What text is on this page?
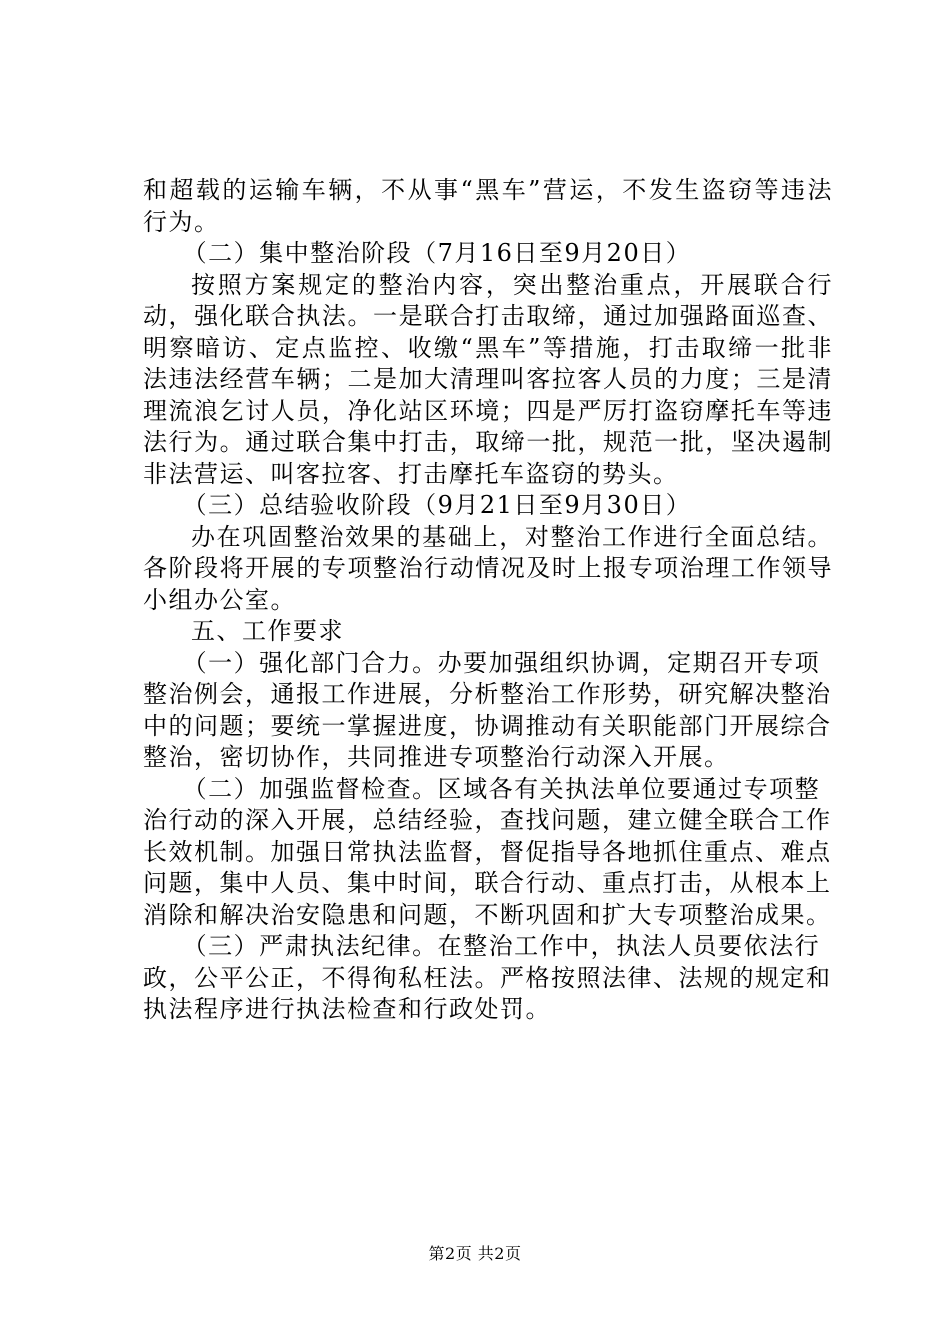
和超载的运输车辆，不从事“黑车”营运，不发生盗窃等违法行为。

（二）集中整治阶段（7月16日至9月20日）

按照方案规定的整治内容，突出整治重点，开展联合行动，强化联合执法。一是联合打击取缔，通过加强路面巡查、明察暗访、定点监控、收缴“黑车”等措施，打击取缔一批非法违法经营车辆；二是加大清理叫客拉客人员的力度；三是清理流浪乞讨人员，净化站区环境；四是严厉打盗窃摩托车等违法行为。通过联合集中打击，取缔一批，规范一批，坚决遏制非法营运、叫客拉客、打击摩托车盗窃的势头。

（三）总结验收阶段（9月21日至9月30日）

办在巩固整治效果的基础上，对整治工作进行全面总结。各阶段将开展的专项整治行动情况及时上报专项治理工作领导小组办公室。

五、工作要求

（一）强化部门合力。办要加强组织协调，定期召开专项整治例会，通报工作进展，分析整治工作形势，研究解决整治中的问题；要统一掌握进度，协调推动有关职能部门开展综合整治，密切协作，共同推进专项整治行动深入开展。

（二）加强监督检查。区域各有关执法单位要通过专项整治行动的深入开展，总结经验，查找问题，建立健全联合工作长效机制。加强日常执法监督，督促指导各地抓住重点、难点问题，集中人员、集中时间，联合行动、重点打击，从根本上消除和解决治安隐患和问题，不断巩固和扩大专项整治成果。

（三）严肃执法纪律。在整治工作中，执法人员要依法行政，公平公正，不得徇私枉法。严格按照法律、法规的规定和执法程序进行执法检查和行政处罚。

第2页 共2页
